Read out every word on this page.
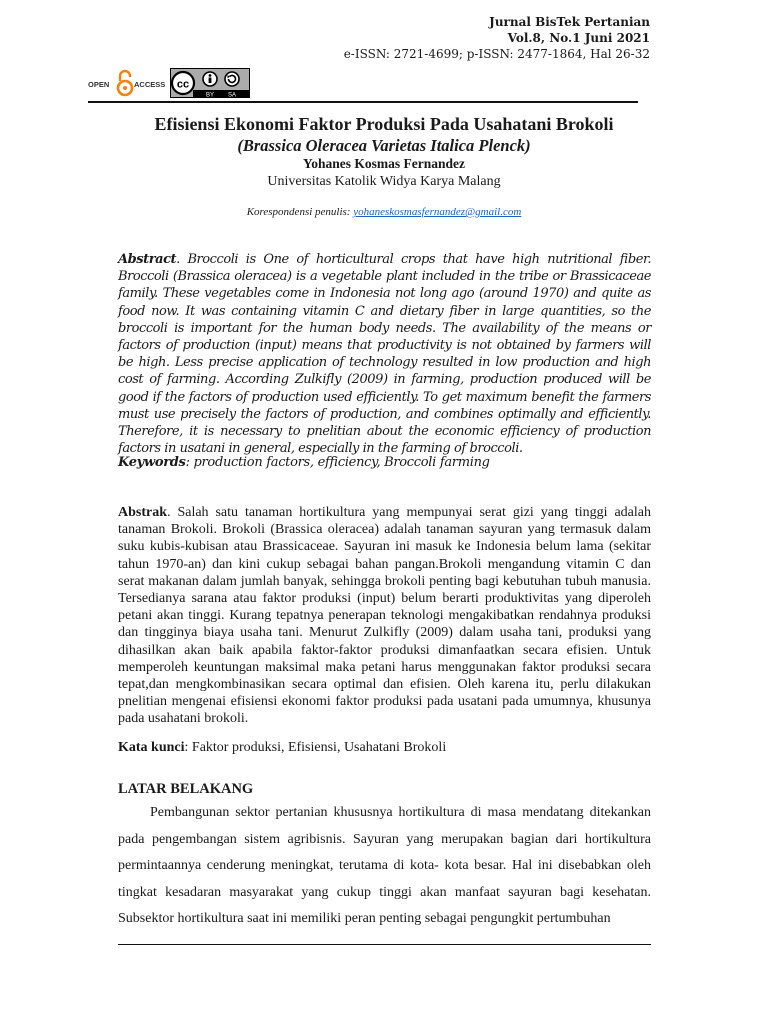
Jurnal BisTek Pertanian
Vol.8, No.1 Juni 2021
e-ISSN: 2721-4699; p-ISSN: 2477-1864, Hal 26-32
OPEN	ACCESS cc
BY SA
Efisiensi Ekonomi Faktor Produksi Pada Usahatani Brokoli
(Brassica Oleracea Varietas Italica Plenck)
Yohanes Kosmas Fernandez
Universitas Katolik Widya Karya Malang
Korespondensi penulis: yohaneskosmasfernandez@gmail.com
Abstract. Broccoli is One of horticultural crops that have high nutritional fiber. Broccoli (Brassica oleracea) is a vegetable plant included in the tribe or Brassicaceae family. These vegetables come in Indonesia not long ago (around 1970) and quite as food now. It was containing vitamin C and dietary fiber in large quantities, so the broccoli is important for the human body needs. The availability of the means or factors of production (input) means that productivity is not obtained by farmers will be high. Less precise application of technology resulted in low production and high cost of farming. According Zulkifly (2009) in farming, production produced will be good if the factors of production used efficiently. To get maximum benefit the farmers must use precisely the factors of production, and combines optimally and efficiently. Therefore, it is necessary to pnelitian about the economic efficiency of production factors in usatani in general, especially in the farming of broccoli.
Keywords: production factors, efficiency, Broccoli farming
Abstrak. Salah satu tanaman hortikultura yang mempunyai serat gizi yang tinggi adalah tanaman Brokoli. Brokoli (Brassica oleracea) adalah tanaman sayuran yang termasuk dalam suku kubis-kubisan atau Brassicaceae. Sayuran ini masuk ke Indonesia belum lama (sekitar tahun 1970-an) dan kini cukup sebagai bahan pangan.Brokoli mengandung vitamin C dan serat makanan dalam jumlah banyak, sehingga brokoli penting bagi kebutuhan tubuh manusia. Tersedianya sarana atau faktor produksi (input) belum berarti produktivitas yang diperoleh petani akan tinggi. Kurang tepatnya penerapan teknologi mengakibatkan rendahnya produksi dan tingginya biaya usaha tani. Menurut Zulkifly (2009) dalam usaha tani, produksi yang dihasilkan akan baik apabila faktor-faktor produksi dimanfaatkan secara efisien. Untuk memperoleh keuntungan maksimal maka petani harus menggunakan faktor produksi secara tepat,dan mengkombinasikan secara optimal dan efisien. Oleh karena itu, perlu dilakukan pnelitian mengenai efisiensi ekonomi faktor produksi pada usatani pada umumnya, khusunya pada usahatani brokoli.
Kata kunci: Faktor produksi, Efisiensi, Usahatani Brokoli
LATAR BELAKANG
Pembangunan sektor pertanian khususnya hortikultura di masa mendatang ditekankan pada pengembangan sistem agribisnis. Sayuran yang merupakan bagian dari hortikultura permintaannya cenderung meningkat, terutama di kota- kota besar. Hal ini disebabkan oleh tingkat kesadaran masyarakat yang cukup tinggi akan manfaat sayuran bagi kesehatan. Subsektor hortikultura saat ini memiliki peran penting sebagai pengungkit pertumbuhan
